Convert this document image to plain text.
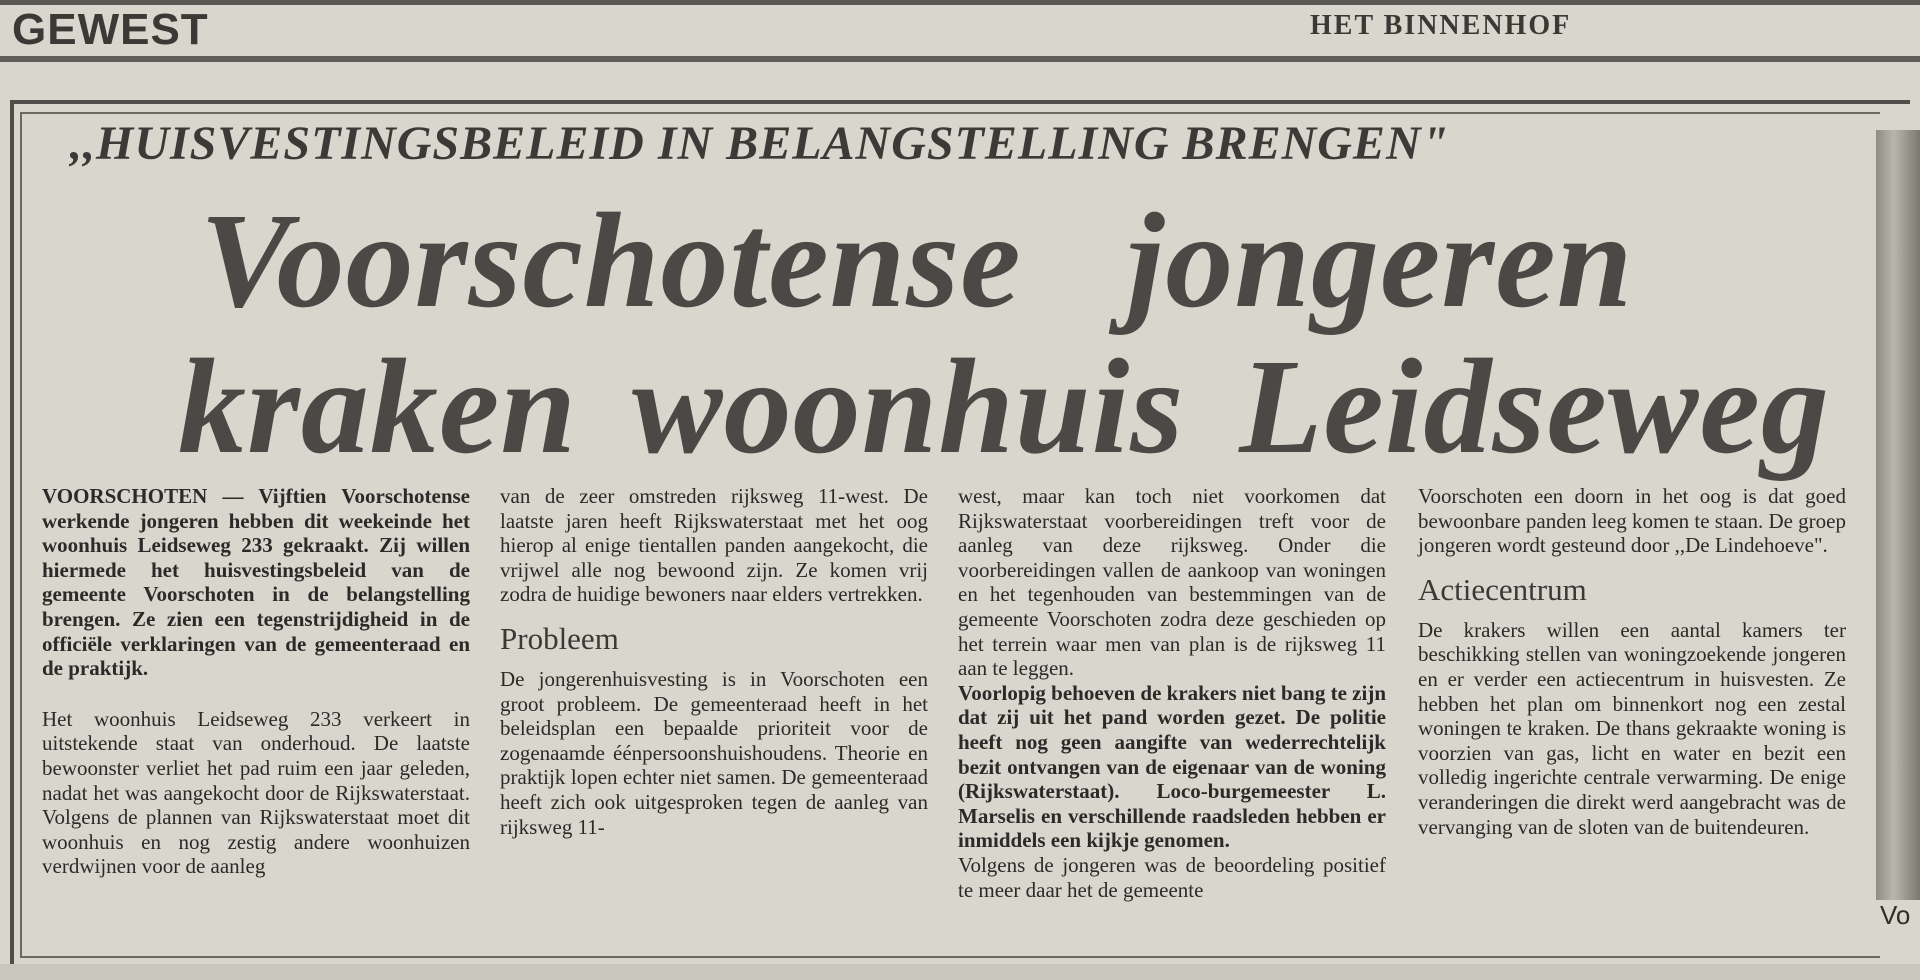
GEWEST	HET BINNENHOF
Vo
,,HUISVESTINGSBELEID IN BELANGSTELLING BRENGEN"
Voorschotense jongeren
kraken woonhuis Leidseweg

VOORSCHOTEN — Vijftien Voorschotense werkende jongeren hebben dit weekeinde het woonhuis Leidseweg 233 gekraakt. Zij willen hiermede het huisvestingsbeleid van de gemeente Voorschoten in de belangstelling brengen. Ze zien een tegenstrijdigheid in de officiële verklaringen van de gemeenteraad en de praktijk.

Het woonhuis Leidseweg 233 verkeert in uitstekende staat van onderhoud. De laatste bewoonster verliet het pad ruim een jaar geleden, nadat het was aangekocht door de Rijkswaterstaat. Volgens de plannen van Rijkswaterstaat moet dit woonhuis en nog zestig andere woonhuizen verdwijnen voor de aanleg

van de zeer omstreden rijksweg 11-west. De laatste jaren heeft Rijkswaterstaat met het oog hierop al enige tientallen panden aangekocht, die vrijwel alle nog bewoond zijn. Ze komen vrij zodra de huidige bewoners naar elders vertrekken.

Probleem

De jongerenhuisvesting is in Voorschoten een groot probleem. De gemeenteraad heeft in het beleidsplan een bepaalde prioriteit voor de zogenaamde éénpersoonshuishoudens. Theorie en praktijk lopen echter niet samen. De gemeenteraad heeft zich ook uitgesproken tegen de aanleg van rijksweg 11-

west, maar kan toch niet voorkomen dat Rijkswaterstaat voorbereidingen treft voor de aanleg van deze rijksweg. Onder die voorbereidingen vallen de aankoop van woningen en het tegenhouden van bestemmingen van de gemeente Voorschoten zodra deze geschieden op het terrein waar men van plan is de rijksweg 11 aan te leggen.

Voorlopig behoeven de krakers niet bang te zijn dat zij uit het pand worden gezet. De politie heeft nog geen aangifte van wederrechtelijk bezit ontvangen van de eigenaar van de woning (Rijkswaterstaat). Loco-burgemeester L. Marselis en verschillende raadsleden hebben er inmiddels een kijkje genomen.

Volgens de jongeren was de beoordeling positief te meer daar het de gemeente

Voorschoten een doorn in het oog is dat goed bewoonbare panden leeg komen te staan. De groep jongeren wordt gesteund door ,,De Lindehoeve".

Actiecentrum

De krakers willen een aantal kamers ter beschikking stellen van woningzoekende jongeren en er verder een actiecentrum in huisvesten. Ze hebben het plan om binnenkort nog een zestal woningen te kraken. De thans gekraakte woning is voorzien van gas, licht en water en bezit een volledig ingerichte centrale verwarming. De enige veranderingen die direkt werd aangebracht was de vervanging van de sloten van de buitendeuren.
